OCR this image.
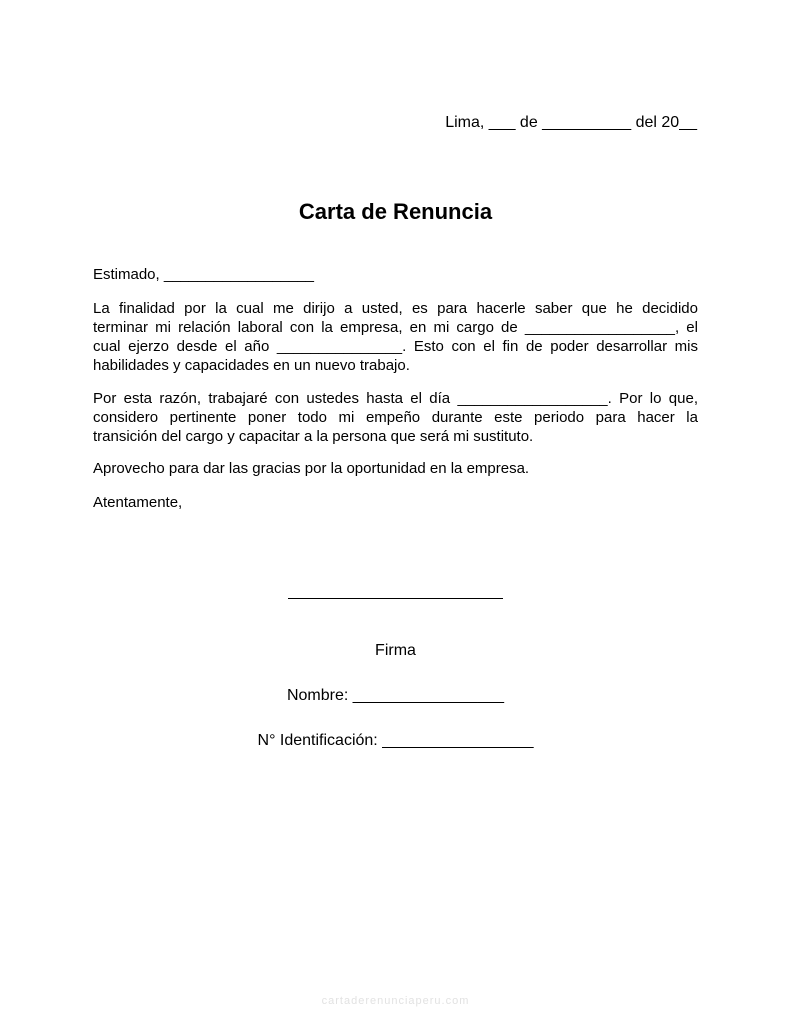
Lima, ___ de __________ del 20__
Carta de Renuncia
Estimado, __________________
La finalidad por la cual me dirijo a usted, es para hacerle saber que he decidido
terminar mi relación laboral con la empresa, en mi cargo de __________________, el
cual ejerzo desde el año _______________. Esto con el fin de poder desarrollar mis
habilidades y capacidades en un nuevo trabajo.
Por esta razón, trabajaré con ustedes hasta el día __________________. Por lo que,
considero pertinente poner todo mi empeño durante este periodo para hacer la
transición del cargo y capacitar a la persona que será mi sustituto.
Aprovecho para dar las gracias por la oportunidad en la empresa.
Atentamente,
Firma
Nombre: _________________
N° Identificación: _________________
cartaderenunciaperu.com
